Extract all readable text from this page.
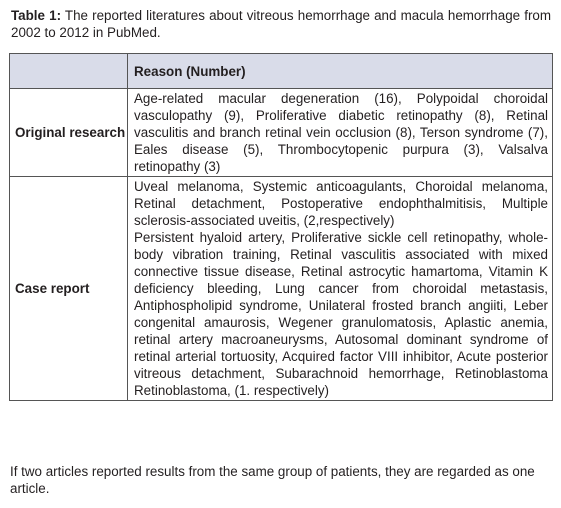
Table 1: The reported literatures about vitreous hemorrhage and macula hemorrhage from 2002 to 2012 in PubMed.
	Reason (Number)
Original research	Age-related macular degeneration (16), Polypoidal choroidal vasculopathy (9), Proliferative diabetic retinopathy (8), Retinal vasculitis and branch retinal vein occlusion (8), Terson syndrome (7), Eales disease (5), Thrombocytopenic purpura (3), Valsalva retinopathy (3)

Case report	Uveal melanoma, Systemic anticoagulants, Choroidal melanoma, Retinal detachment, Postoperative endophthalmitisis, Multiple sclerosis-associated uveitis, (2,respectively)

Persistent hyaloid artery, Proliferative sickle cell retinopathy, whole-body vibration training, Retinal vasculitis associated with mixed connective tissue disease, Retinal astrocytic hamartoma, Vitamin K deficiency bleeding, Lung cancer from choroidal metastasis, Antiphospholipid syndrome, Unilateral frosted branch angiiti, Leber congenital amaurosis, Wegener granulomatosis, Aplastic anemia, retinal artery macroaneurysms, Autosomal dominant syndrome of retinal arterial tortuosity, Acquired factor VIII inhibitor, Acute posterior vitreous detachment, Subarachnoid hemorrhage, Retinoblastoma Retinoblastoma, (1. respectively)

If two articles reported results from the same group of patients, they are regarded as one article.
